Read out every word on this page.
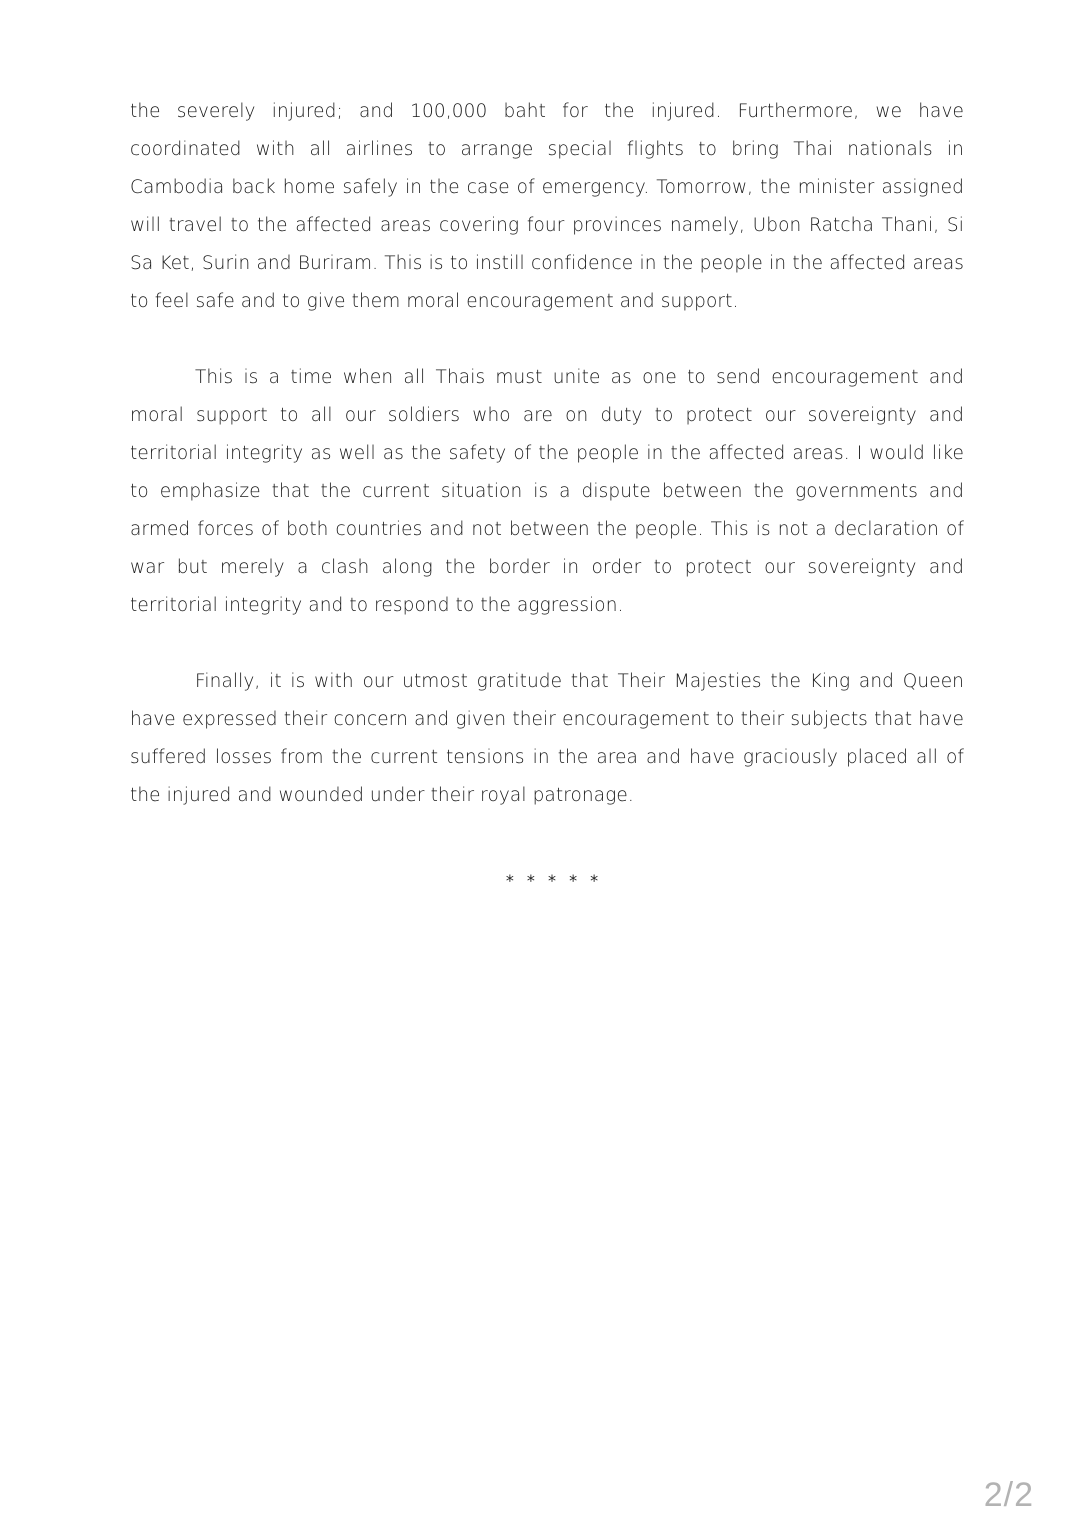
the severely injured; and 100,000 baht for the injured. Furthermore, we have coordinated with all airlines to arrange special flights to bring Thai nationals in Cambodia back home safely in the case of emergency. Tomorrow, the minister assigned will travel to the affected areas covering four provinces namely, Ubon Ratcha Thani, Si Sa Ket, Surin and Buriram. This is to instill confidence in the people in the affected areas to feel safe and to give them moral encouragement and support.

This is a time when all Thais must unite as one to send encouragement and moral support to all our soldiers who are on duty to protect our sovereignty and territorial integrity as well as the safety of the people in the affected areas. I would like to emphasize that the current situation is a dispute between the governments and armed forces of both countries and not between the people. This is not a declaration of war but merely a clash along the border in order to protect our sovereignty and territorial integrity and to respond to the aggression.

Finally, it is with our utmost gratitude that Their Majesties the King and Queen have expressed their concern and given their encouragement to their subjects that have suffered losses from the current tensions in the area and have graciously placed all of the injured and wounded under their royal patronage.

* * * * *
2/2
